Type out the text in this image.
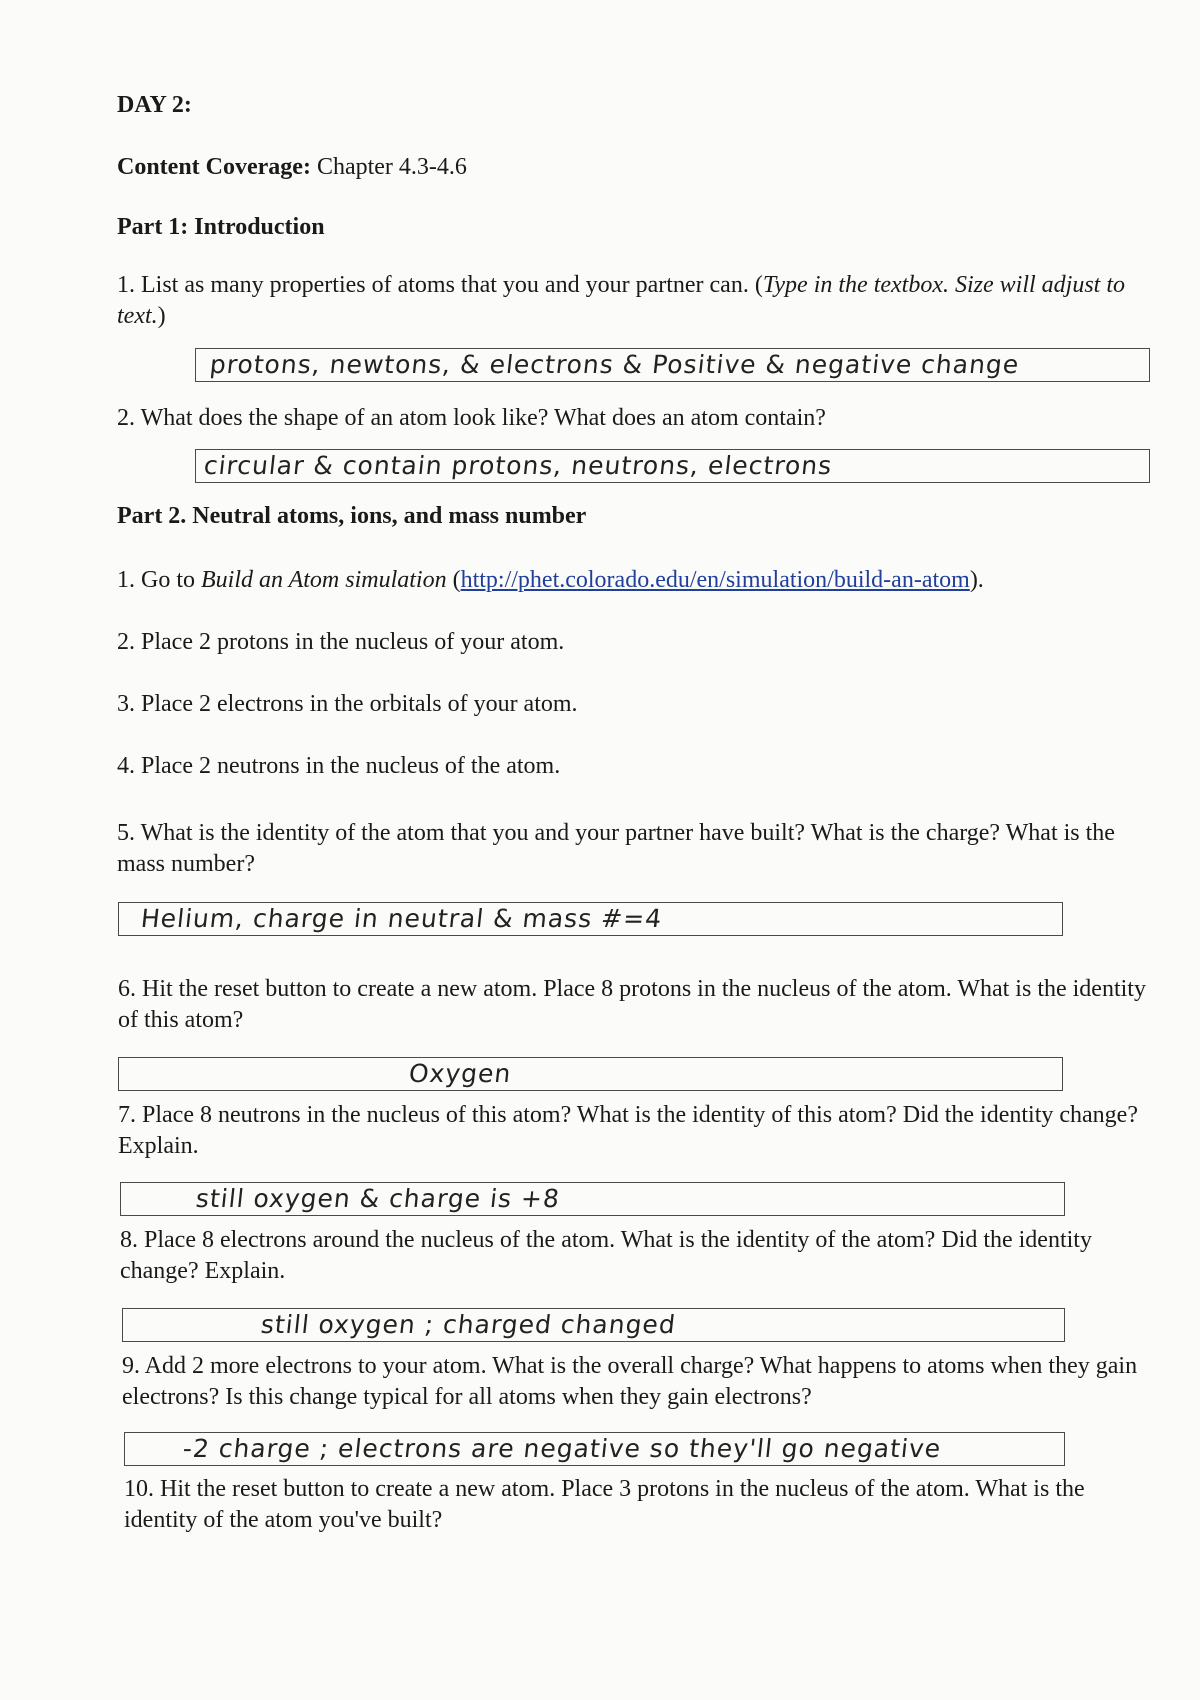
DAY 2:
Content Coverage: Chapter 4.3-4.6
Part 1: Introduction
1. List as many properties of atoms that you and your partner can. (Type in the textbox. Size will adjust to text.)
protons, newtons, & electrons & Positive & negative change
2. What does the shape of an atom look like? What does an atom contain?
circular & contain protons, neutrons, electrons
Part 2. Neutral atoms, ions, and mass number
1. Go to Build an Atom simulation (http://phet.colorado.edu/en/simulation/build-an-atom).
2. Place 2 protons in the nucleus of your atom.
3. Place 2 electrons in the orbitals of your atom.
4. Place 2 neutrons in the nucleus of the atom.
5. What is the identity of the atom that you and your partner have built? What is the charge? What is the mass number?
Helium, charge in neutral & mass #=4
6. Hit the reset button to create a new atom. Place 8 protons in the nucleus of the atom. What is the identity of this atom?
Oxygen
7. Place 8 neutrons in the nucleus of this atom? What is the identity of this atom? Did the identity change? Explain.
still oxygen & charge is +8
8. Place 8 electrons around the nucleus of the atom. What is the identity of the atom? Did the identity change? Explain.
still oxygen ; charged changed
9. Add 2 more electrons to your atom. What is the overall charge? What happens to atoms when they gain electrons? Is this change typical for all atoms when they gain electrons?
-2 charge ; electrons are negative so they'll go negative
10. Hit the reset button to create a new atom. Place 3 protons in the nucleus of the atom. What is the identity of the atom you've built?
